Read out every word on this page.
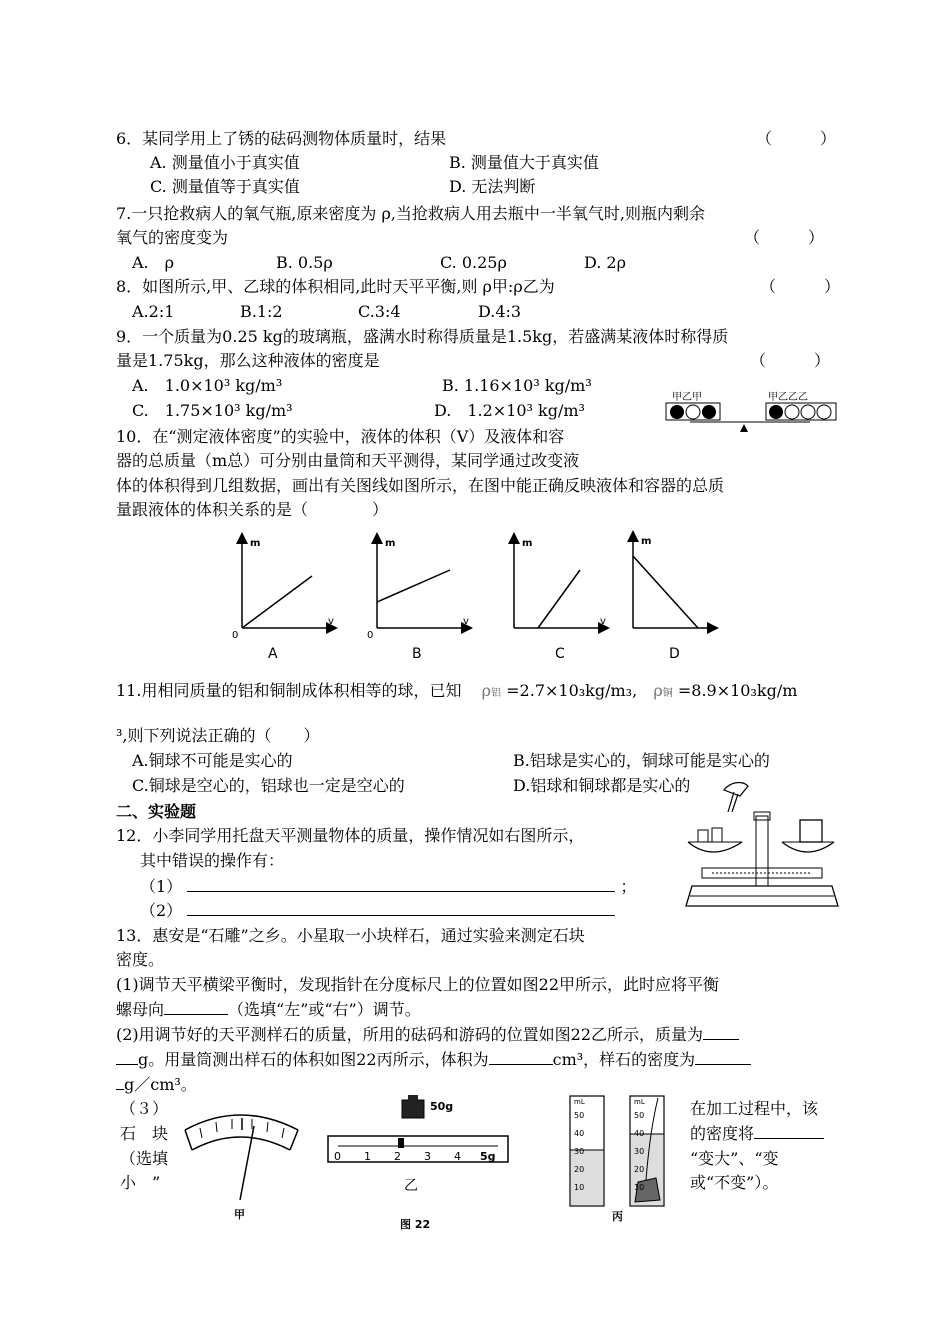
6．某同学用上了锈的砝码测物体质量时，结果	（　　　）
A. 测量值小于真实值	B. 测量值大于真实值
C. 测量值等于真实值	D. 无法判断
7.一只抢救病人的氧气瓶,原来密度为 ρ,当抢救病人用去瓶中一半氧气时,则瓶内剩余
氧气的密度变为	（　　　）
A.　ρ	B. 0.5ρ	C. 0.25ρ	D. 2ρ
8．如图所示,甲、乙球的体积相同,此时天平平衡,则 ρ甲:ρ乙为	（　　　）
A.2:1	B.1:2	C.3:4	D.4:3
9．一个质量为0.25 kg的玻璃瓶，盛满水时称得质量是1.5kg，若盛满某液体时称得质
量是1.75kg，那么这种液体的密度是	（　　　）
A.　1.0×10³ kg/m³	B. 1.16×10³ kg/m³
C.　1.75×10³ kg/m³	D.　1.2×10³ kg/m³
甲乙甲	甲乙乙乙
10．在“测定液体密度”的实验中，液体的体积（V）及液体和容
器的总质量（m总）可分别由量筒和天平测得，某同学通过改变液
体的体积得到几组数据，画出有关图线如图所示，在图中能正确反映液体和容器的总质
量跟液体的体积关系的是（　　　　）
m
v
0
A
m
v
0
B
m
v
C
m
D
11.用相同质量的铝和铜制成体积相等的球，已知 ρ铝 =2.7×10₃kg/m₃, ρ铜 =8.9×10₃kg/m
³,则下列说法正确的（　　）
A.铜球不可能是实心的	B.铝球是实心的，铜球可能是实心的
C.铜球是空心的，铝球也一定是空心的	D.铝球和铜球都是实心的
二、实验题
12．小李同学用托盘天平测量物体的质量，操作情况如右图所示，
其中错误的操作有：
（1）	；
（2）
13．惠安是“石雕”之乡。小星取一小块样石，通过实验来测定石块
密度。
(1)调节天平横梁平衡时，发现指针在分度标尺上的位置如图22甲所示，此时应将平衡
螺母向	（选填“左”或“右”）调节。
(2)用调节好的天平测样石的质量，所用的砝码和游码的位置如图22乙所示，质量为
g。用量筒测出样石的体积如图22丙所示，体积为	cm³，样石的密度为
g／cm³。
（３）
石　块
（选填
小　”
在加工过程中，该
的密度将
“变大”、“变
或“不变”）。
甲
50g
0 1 2 3 4 5g
乙
mL
50
40
30
20
10
mL
50
40
30
20
10
丙
图 22
